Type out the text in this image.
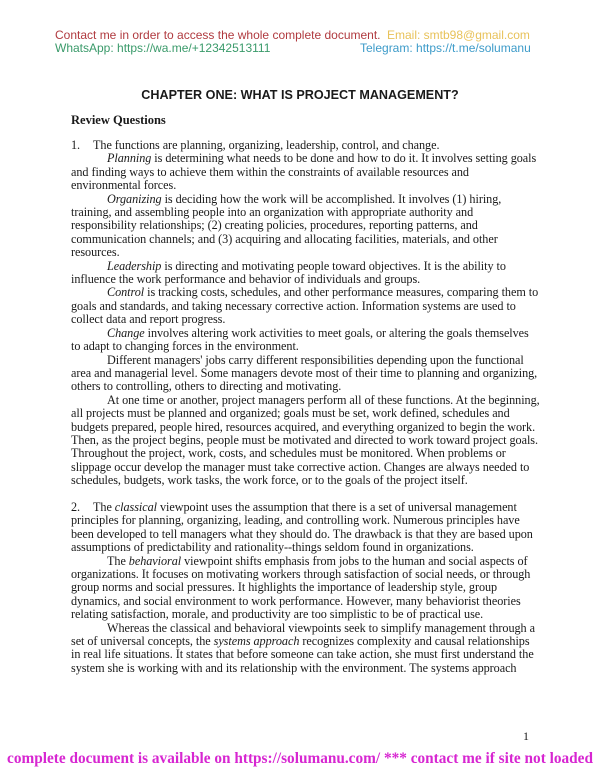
Contact me in order to access the whole complete document. Email: smtb98@gmail.com
WhatsApp: https://wa.me/+12342513111	Telegram: https://t.me/solumanu
CHAPTER ONE: WHAT IS PROJECT MANAGEMENT?
Review Questions

1. The functions are planning, organizing, leadership, control, and change.

Planning is determining what needs to be done and how to do it. It involves setting goals and finding ways to achieve them within the constraints of available resources and environmental forces.

Organizing is deciding how the work will be accomplished. It involves (1) hiring, training, and assembling people into an organization with appropriate authority and responsibility relationships; (2) creating policies, procedures, reporting patterns, and communication channels; and (3) acquiring and allocating facilities, materials, and other resources.

Leadership is directing and motivating people toward objectives. It is the ability to influence the work performance and behavior of individuals and groups.

Control is tracking costs, schedules, and other performance measures, comparing them to goals and standards, and taking necessary corrective action. Information systems are used to collect data and report progress.

Change involves altering work activities to meet goals, or altering the goals themselves to adapt to changing forces in the environment.

Different managers' jobs carry different responsibilities depending upon the functional area and managerial level. Some managers devote most of their time to planning and organizing, others to controlling, others to directing and motivating.

At one time or another, project managers perform all of these functions. At the beginning, all projects must be planned and organized; goals must be set, work defined, schedules and budgets prepared, people hired, resources acquired, and everything organized to begin the work. Then, as the project begins, people must be motivated and directed to work toward project goals. Throughout the project, work, costs, and schedules must be monitored. When problems or slippage occur develop the manager must take corrective action. Changes are always needed to schedules, budgets, work tasks, the work force, or to the goals of the project itself.

2. The classical viewpoint uses the assumption that there is a set of universal management principles for planning, organizing, leading, and controlling work. Numerous principles have been developed to tell managers what they should do. The drawback is that they are based upon assumptions of predictability and rationality--things seldom found in organizations.

The behavioral viewpoint shifts emphasis from jobs to the human and social aspects of organizations. It focuses on motivating workers through satisfaction of social needs, or through group norms and social pressures. It highlights the importance of leadership style, group dynamics, and social environment to work performance. However, many behaviorist theories relating satisfaction, morale, and productivity are too simplistic to be of practical use.

Whereas the classical and behavioral viewpoints seek to simplify management through a set of universal concepts, the systems approach recognizes complexity and causal relationships in real life situations. It states that before someone can take action, she must first understand the system she is working with and its relationship with the environment. The systems approach

1
complete document is available on https://solumanu.com/ *** contact me if site not loaded
